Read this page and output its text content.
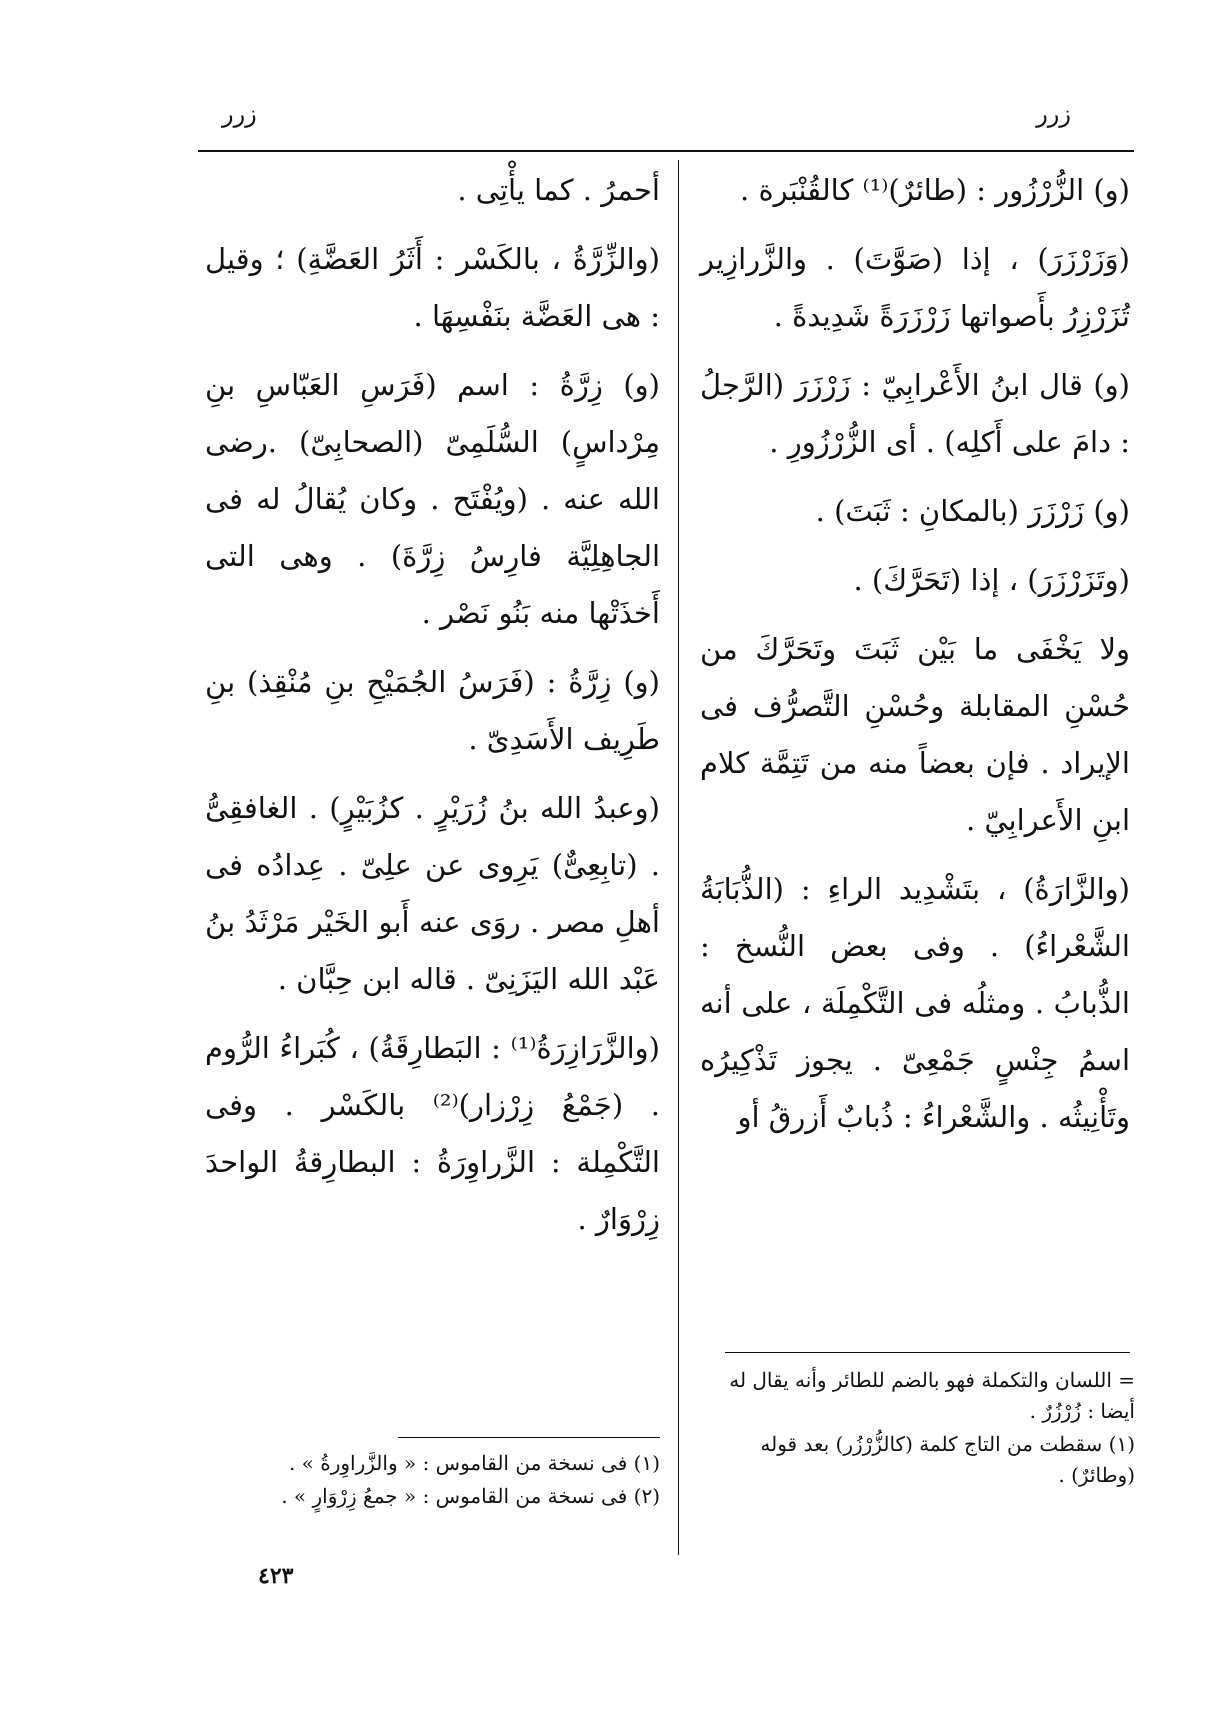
زرر
زرر

(و) الزُّرْزُور : (طائرٌ)⁽¹⁾ كالقُنْبَرة .

(وَزَرْزَرَ) ، إذا (صَوَّتَ) . والزَّرازِير تُزَرْزِرُ بأَصواتها زَرْزَرَةً شَدِيدةً .

(و) قال ابنُ الأَعْرابِيّ : زَرْزَرَ (الرَّجلُ : دامَ على أَكلِه) . أى الزُّرْزُورِ .

(و) زَرْزَرَ (بالمكانِ : ثَبَتَ) .

(وتَزَرْزَرَ) ، إذا (تَحَرَّكَ) .

ولا يَخْفَى ما بَيْن ثَبَتَ وتَحَرَّكَ من حُسْنِ المقابلة وحُسْنِ التَّصرُّف فى الإيراد . فإن بعضاً منه من تَتِمَّة كلام ابنِ الأَعرابِيّ .

(والزَّارَةُ) ، بتَشْدِيد الراءِ : (الذُّبَابَةُ الشَّعْراءُ) . وفى بعض النُّسخ : الذُّبابُ . ومثلُه فى التَّكْمِلَة ، على أنه اسمُ جِنْسٍ جَمْعِىّ . يجوز تَذْكِيرُه وتَأْنِيثُه . والشَّعْراءُ : ذُبابٌ أَزرقُ أو

أحمرُ . كما يأْتِى .

(والزِّرَّةُ ، بالكَسْر : أَثَرُ العَضَّةِ) ؛ وقيل : هى العَضَّة بنَفْسِهَا .

(و) زِرَّةُ : اسم (فَرَسِ العَبّاسِ بنِ مِرْداسٍ) السُّلَمِىّ (الصحابِىّ) .رضى الله عنه . (ويُفْتَح . وكان يُقالُ له فى الجاهِلِيَّة فارِسُ زِرَّةَ) . وهى التى أَخذَتْها منه بَنُو نَصْر .

(و) زِرَّةُ : (فَرَسُ الجُمَيْحِ بنِ مُنْقِذ) بنِ طَرِيف الأَسَدِىّ .

(وعبدُ الله بنُ زُرَيْرٍ . كزُبَيْرٍ) . الغافقِىُّ . (تابِعِىٌّ) يَرِوى عن علِىّ . عِدادُه فى أهلِ مصر . روَى عنه أَبو الخَيْر مَرْثَدُ بنُ عَبْد الله اليَزَنِىّ . قاله ابن حِبَّان .

(والزَّرَازِرَةُ⁽¹⁾ : البَطارِقَةُ) ، كُبَراءُ الرُّوم . (جَمْعُ زِرْزار)⁽²⁾ بالكَسْر . وفى التَّكْمِلة : الزَّراوِرَةُ : البطارِقةُ الواحدَ زِرْوَارٌ .

= اللسان والتكملة فهو بالضم للطائر وأنه يقال له أيضا : زُرْزُرٌ .

(١) سقطت من التاج كلمة (كالزُّرْزُر) بعد قوله (وطائرٌ) .

(١) فى نسخة من القاموس : « والزَّراوِرةُ » .

(٢) فى نسخة من القاموس : « جمعُ زِرْوَارٍ » .

٤٢٣
